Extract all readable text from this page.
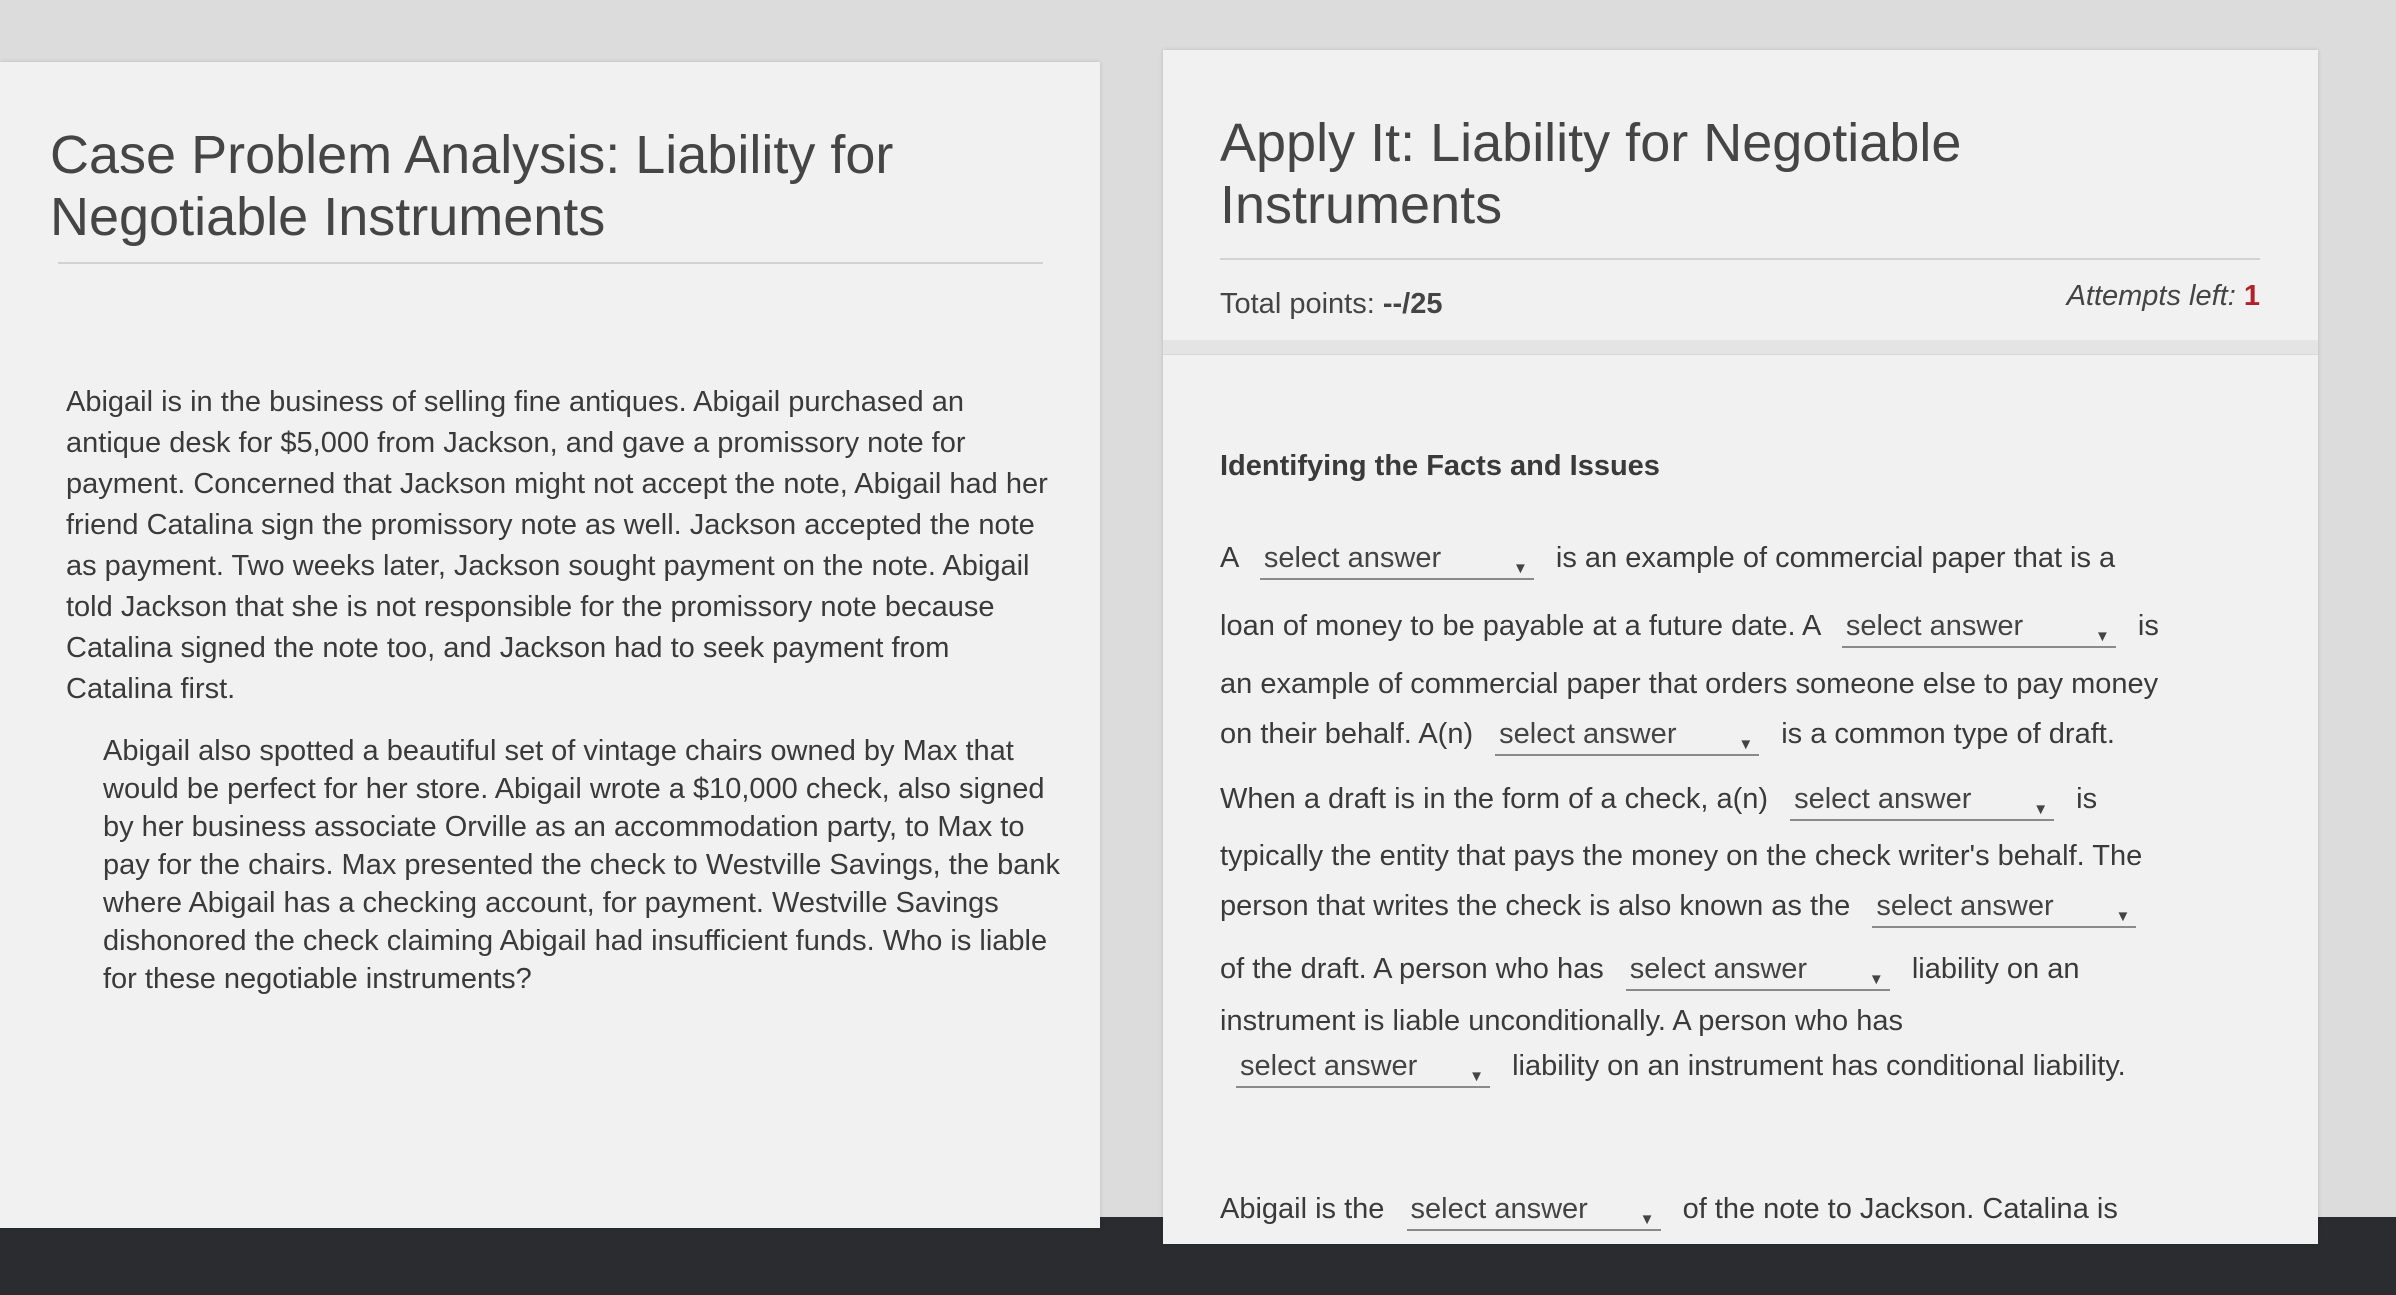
Case Problem Analysis: Liability for Negotiable Instruments

Abigail is in the business of selling fine antiques. Abigail purchased an antique desk for $5,000 from Jackson, and gave a promissory note for payment. Concerned that Jackson might not accept the note, Abigail had her friend Catalina sign the promissory note as well. Jackson accepted the note as payment. Two weeks later, Jackson sought payment on the note. Abigail told Jackson that she is not responsible for the promissory note because Catalina signed the note too, and Jackson had to seek payment from Catalina first.

Abigail also spotted a beautiful set of vintage chairs owned by Max that would be perfect for her store. Abigail wrote a $10,000 check, also signed by her business associate Orville as an accommodation party, to Max to pay for the chairs. Max presented the check to Westville Savings, the bank where Abigail has a checking account, for payment. Westville Savings dishonored the check claiming Abigail had insufficient funds. Who is liable for these negotiable instruments?

Apply It: Liability for Negotiable Instruments
Total points: --/25	Attempts left: 1
Identifying the Facts and Issues
A select answer	▼ is an example of commercial paper that is a
loan of money to be payable at a future date. A select answer	▼ is
an example of commercial paper that orders someone else to pay money
on their behalf. A(n) select answer	▼ is a common type of draft.
When a draft is in the form of a check, a(n) select answer	▼ is
typically the entity that pays the money on the check writer's behalf. The
person that writes the check is also known as the select answer	▼
of the draft. A person who has select answer	▼ liability on an
instrument is liable unconditionally. A person who has
select answer	▼ liability on an instrument has conditional liability.
Abigail is the select answer	▼ of the note to Jackson. Catalina is
